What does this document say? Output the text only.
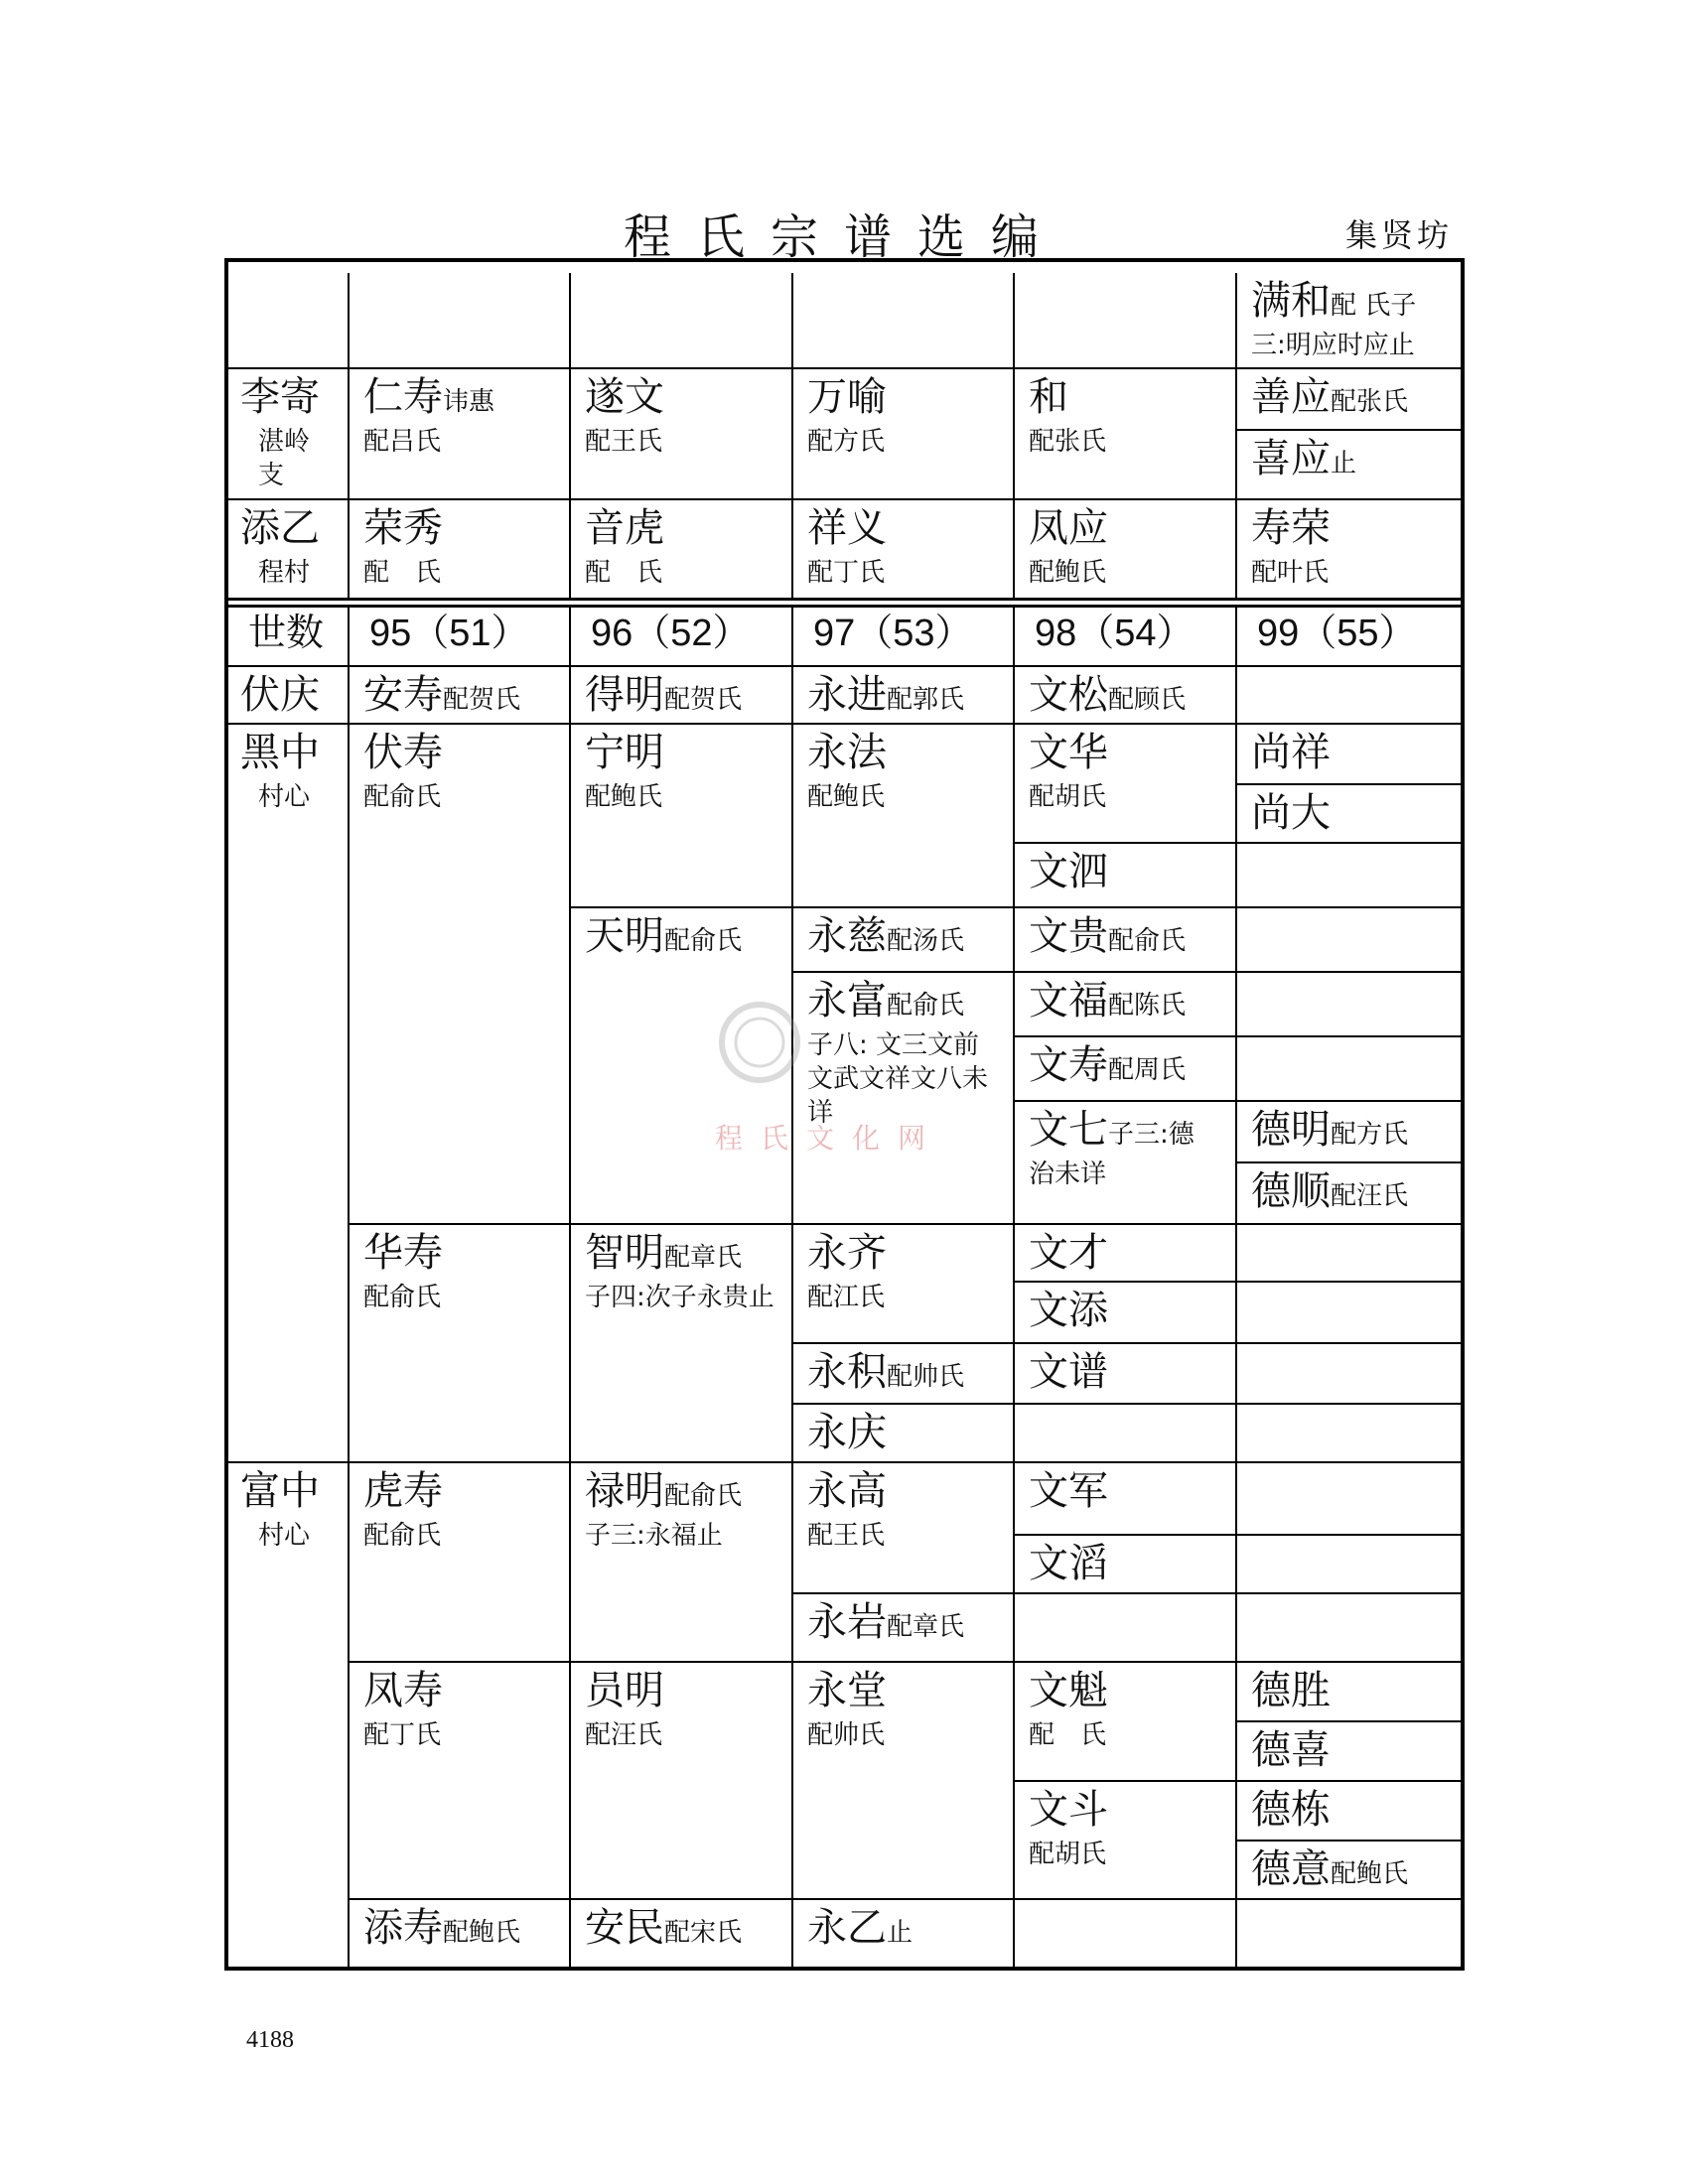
程氏宗谱选编	集贤坊
满和配 氏子
三:明应时应止
李寄
湛岭
支
仁寿讳惠
配吕氏
遂文
配王氏
万喻
配方氏
和
配张氏
善应配张氏
喜应止
添乙
程村
荣秀
配　氏
音虎
配　氏
祥义
配丁氏
凤应
配鲍氏
寿荣
配叶氏
世数 95（51） 96（52） 97（53） 98（54） 99（55）
伏庆 安寿配贺氏 得明配贺氏 永进配郭氏 文松配顾氏
黑中
村心
伏寿
配俞氏
宁明
配鲍氏
永法
配鲍氏
文华
配胡氏
尚祥
尚大
文泗
天明配俞氏 永慈配汤氏 文贵配俞氏
永富配俞氏
子八: 文三文前文武文祥文八未详
文福配陈氏
文寿配周氏
文七子三:德
治未详
德明配方氏
德顺配汪氏
华寿
配俞氏
智明配章氏
子四:次子永贵止
永齐
配江氏
文才
文添
永积配帅氏 文谱
永庆
富中
村心
虎寿
配俞氏
禄明配俞氏
子三:永福止
永高
配王氏
文军
文滔
永岩配章氏
凤寿
配丁氏
员明
配汪氏
永堂
配帅氏
文魁
配　氏
德胜
德喜
文斗
配胡氏
德栋
德意配鲍氏
添寿配鲍氏 安民配宋氏 永乙止
程氏文化网
4188
